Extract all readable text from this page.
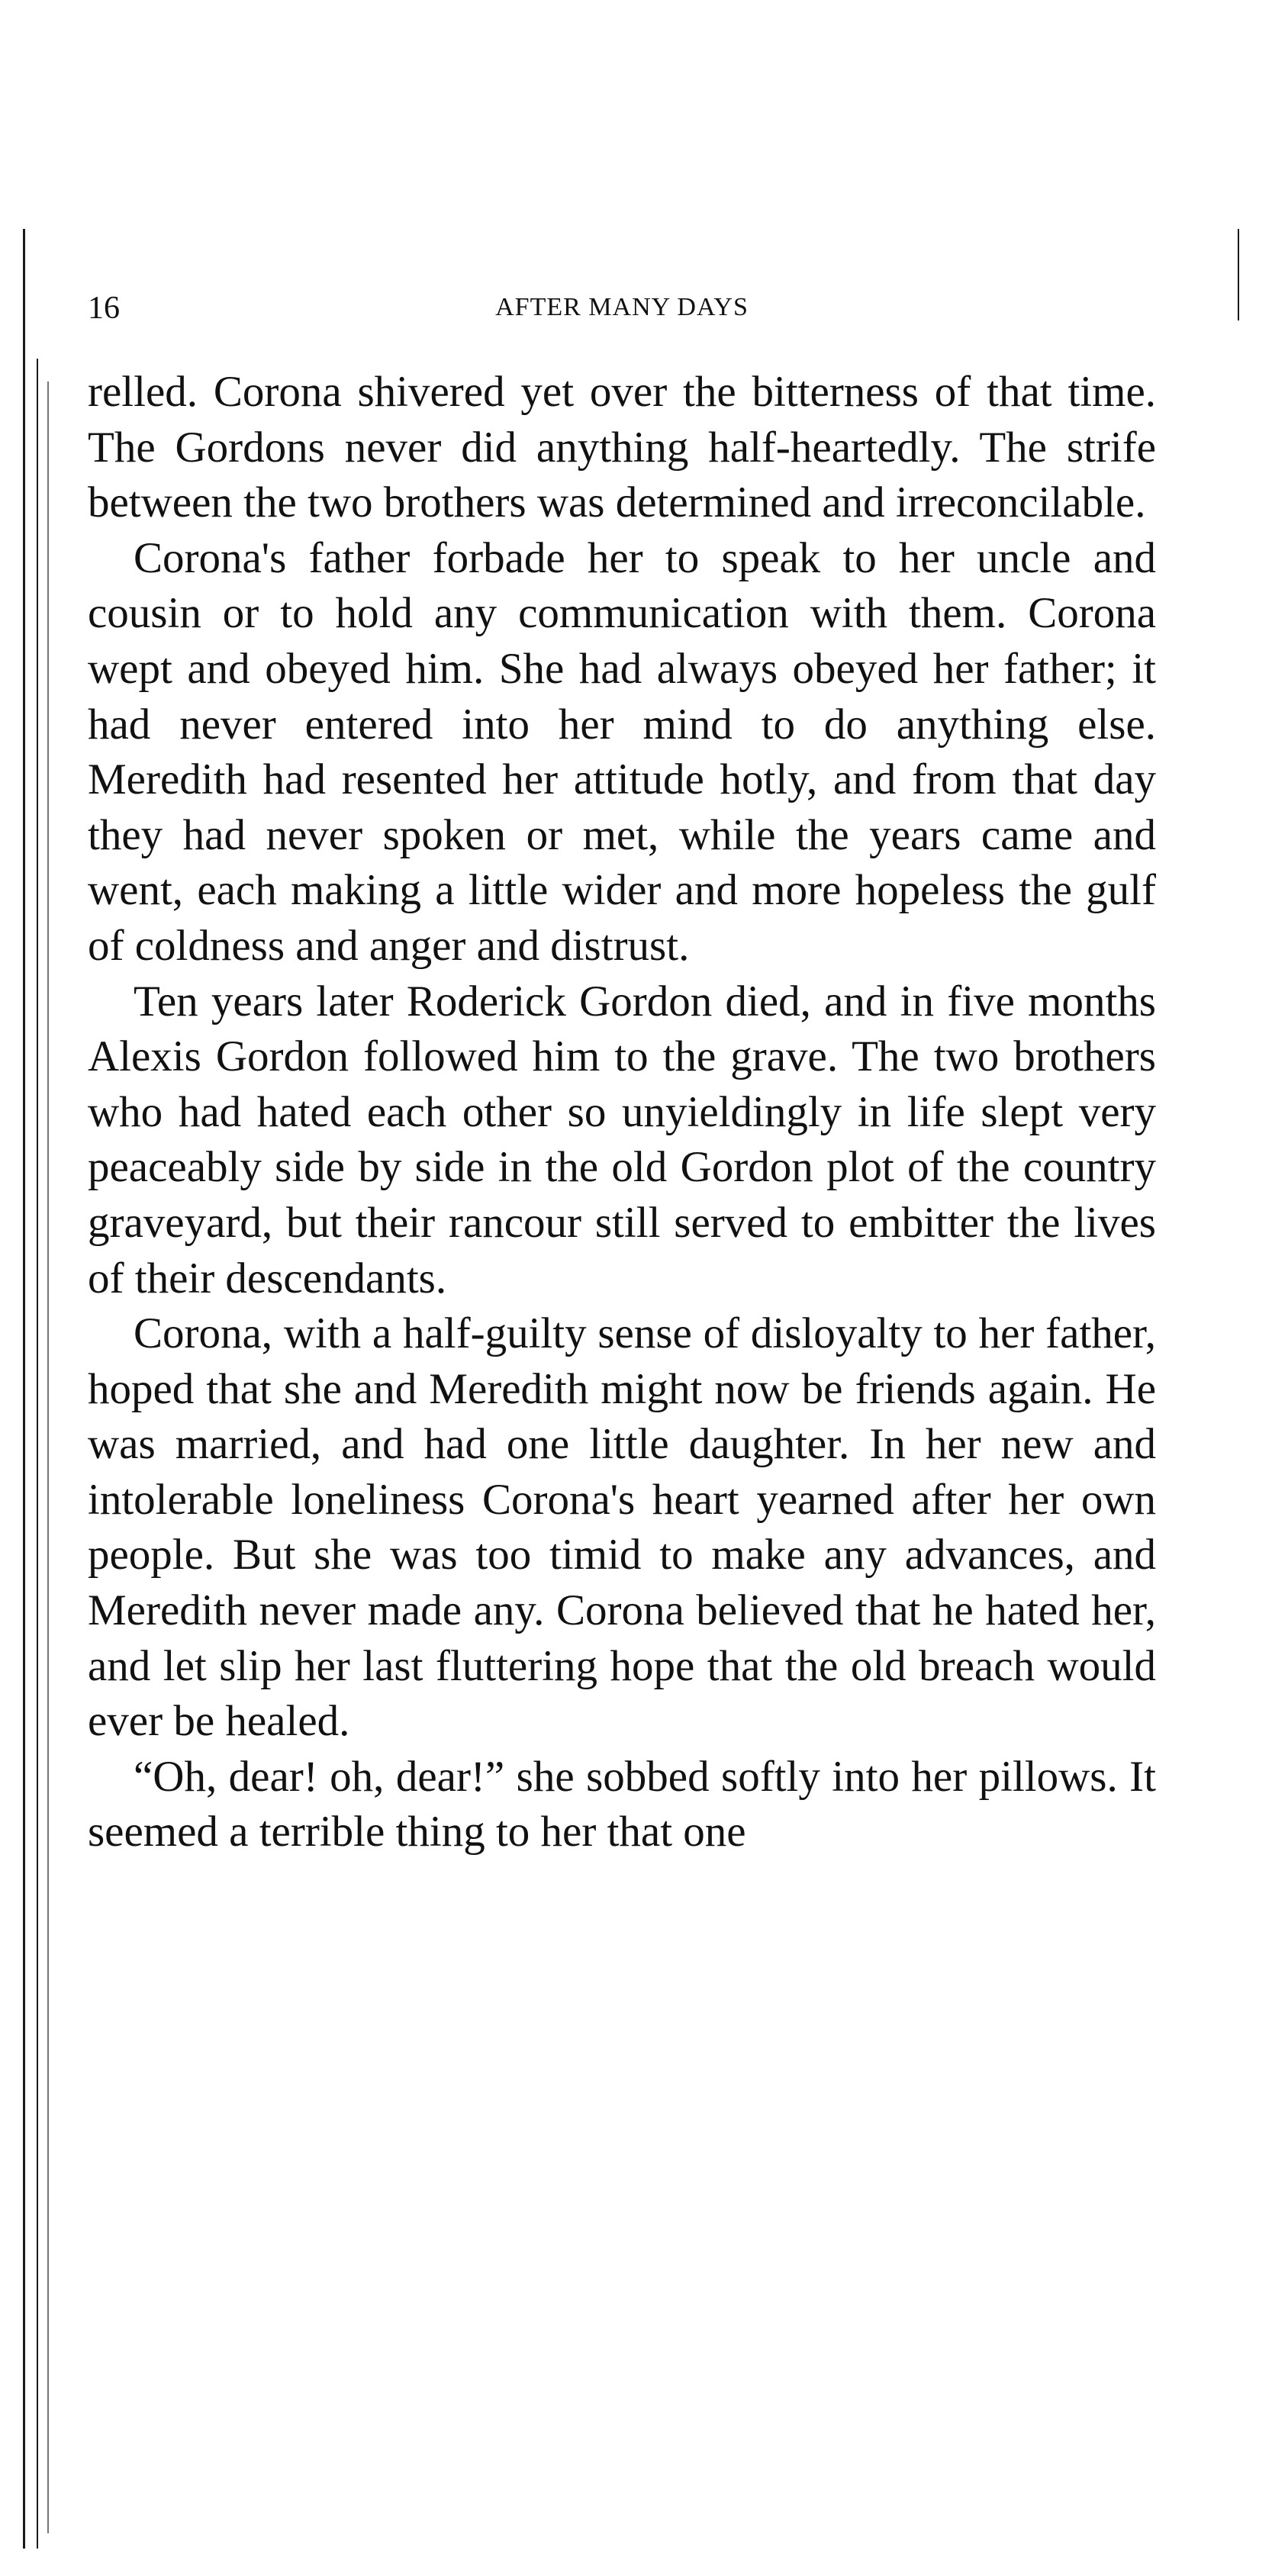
16	AFTER MANY DAYS

relled. Corona shivered yet over the bitterness of that time. The Gordons never did anything half-heartedly. The strife between the two brothers was determined and irreconcilable.

Corona's father forbade her to speak to her uncle and cousin or to hold any communication with them. Corona wept and obeyed him. She had always obeyed her father; it had never entered into her mind to do anything else. Meredith had resented her attitude hotly, and from that day they had never spoken or met, while the years came and went, each making a little wider and more hopeless the gulf of coldness and anger and distrust.

Ten years later Roderick Gordon died, and in five months Alexis Gordon followed him to the grave. The two brothers who had hated each other so unyieldingly in life slept very peaceably side by side in the old Gordon plot of the country graveyard, but their rancour still served to embitter the lives of their descendants.

Corona, with a half-guilty sense of disloyalty to her father, hoped that she and Meredith might now be friends again. He was married, and had one little daughter. In her new and intolerable loneliness Corona's heart yearned after her own people. But she was too timid to make any advances, and Meredith never made any. Corona believed that he hated her, and let slip her last fluttering hope that the old breach would ever be healed.

“Oh, dear! oh, dear!” she sobbed softly into her pillows. It seemed a terrible thing to her that one
